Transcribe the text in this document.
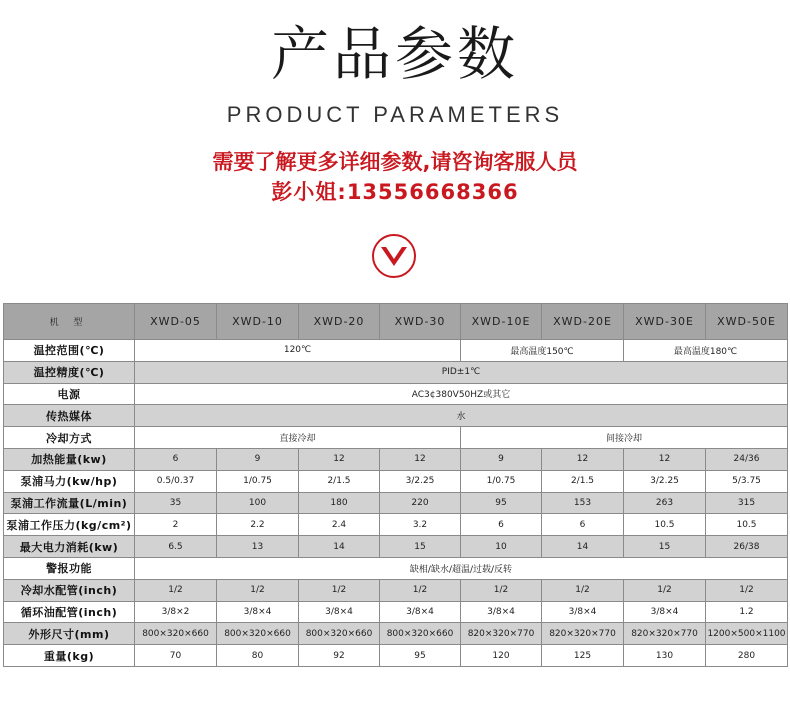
产品参数
PRODUCT PARAMETERS
需要了解更多详细参数,请咨询客服人员
彭小姐:13556668366
机 型	XWD-05	XWD-10	XWD-20	XWD-30	XWD-10E	XWD-20E	XWD-30E	XWD-50E
温控范围(℃)	120℃				最高温度150℃		最高温度180℃	
温控精度(℃)	PID±1℃							
电源	AC3¢380V50HZ或其它							
传热媒体	水							
冷却方式	直接冷却				间接冷却			
加热能量(kw)	6	9	12	12	9	12	12	24/36
泵浦马力(kw/hp)	0.5/0.37	1/0.75	2/1.5	3/2.25	1/0.75	2/1.5	3/2.25	5/3.75
泵浦工作流量(L/min)	35	100	180	220	95	153	263	315
泵浦工作压力(kg/cm²)	2	2.2	2.4	3.2	6	6	10.5	10.5
最大电力消耗(kw)	6.5	13	14	15	10	14	15	26/38
警报功能	缺相/缺水/超温/过载/反转							
冷却水配管(inch)	1/2	1/2	1/2	1/2	1/2	1/2	1/2	1/2
循环油配管(inch)	3/8×2	3/8×4	3/8×4	3/8×4	3/8×4	3/8×4	3/8×4	1.2
外形尺寸(mm)	800×320×660	800×320×660	800×320×660	800×320×660	820×320×770	820×320×770	820×320×770	1200×500×1100
重量(kg)	70	80	92	95	120	125	130	280
